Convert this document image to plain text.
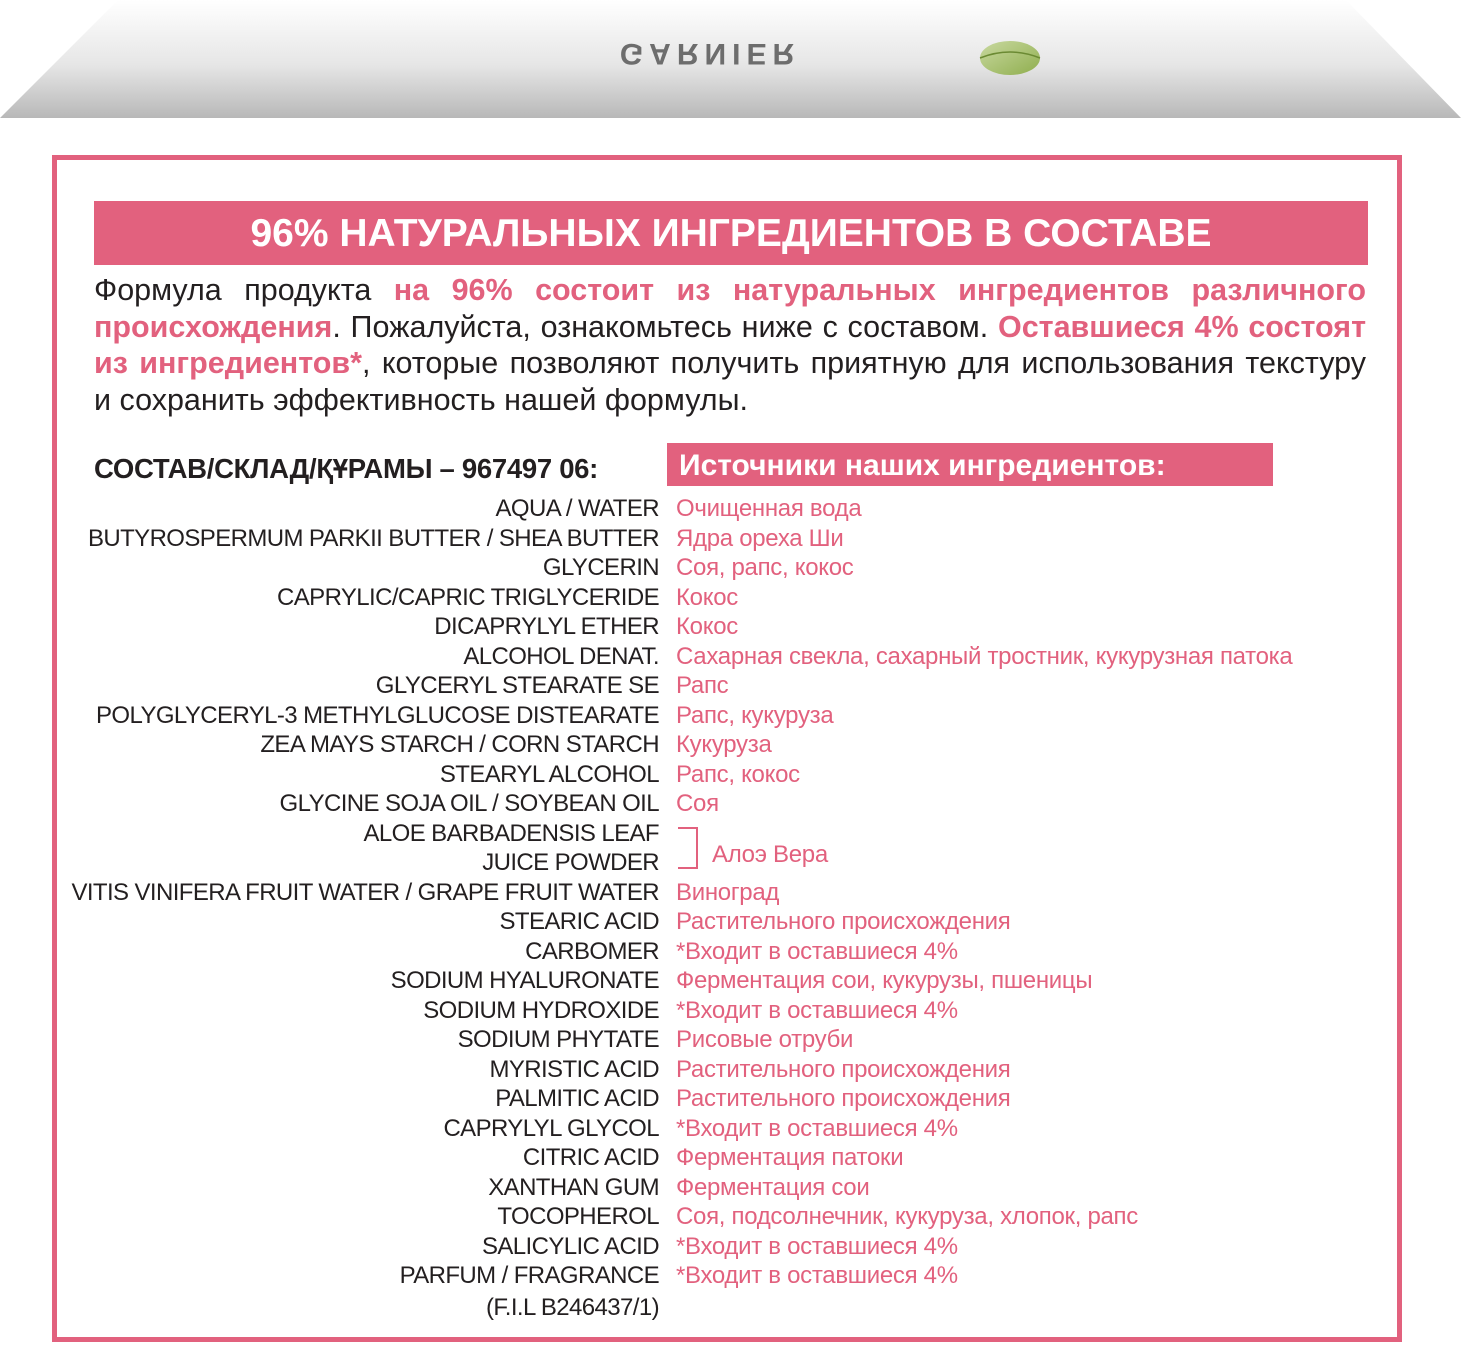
GARNIER
96% НАТУРАЛЬНЫХ ИНГРЕДИЕНТОВ В СОСТАВЕ
Формула продукта на 96% состоит из натуральных ингредиентов различного происхождения. Пожалуйста, ознакомьтесь ниже с составом. Оставшиеся 4% состоят из ингредиентов*, которые позволяют получить приятную для использования текстуру и сохранить эффективность нашей формулы.
СОСТАВ/СКЛАД/ҚҰРАМЫ – 967497 06:	Источники наших ингредиентов:
AQUA / WATER Очищенная вода
BUTYROSPERMUM PARKII BUTTER / SHEA BUTTER Ядра ореха Ши
GLYCERIN Соя, рапс, кокос
CAPRYLIC/CAPRIC TRIGLYCERIDE Кокос
DICAPRYLYL ETHER Кокос
ALCOHOL DENAT. Сахарная свекла, сахарный тростник, кукурузная патока
GLYCERYL STEARATE SE Рапс
POLYGLYCERYL-3 METHYLGLUCOSE DISTEARATE Рапс, кукуруза
ZEA MAYS STARCH / CORN STARCH Кукуруза
STEARYL ALCOHOL Рапс, кокос
GLYCINE SOJA OIL / SOYBEAN OIL Соя
ALOE BARBADENSIS LEAF
JUICE POWDER
VITIS VINIFERA FRUIT WATER / GRAPE FRUIT WATER Виноград
STEARIC ACID Растительного происхождения
CARBOMER *Входит в оставшиеся 4%
SODIUM HYALURONATE Ферментация сои, кукурузы, пшеницы
SODIUM HYDROXIDE *Входит в оставшиеся 4%
SODIUM PHYTATE Рисовые отруби
MYRISTIC ACID Растительного происхождения
PALMITIC ACID Растительного происхождения
CAPRYLYL GLYCOL *Входит в оставшиеся 4%
CITRIC ACID Ферментация патоки
XANTHAN GUM Ферментация сои
TOCOPHEROL Соя, подсолнечник, кукуруза, хлопок, рапс
SALICYLIC ACID *Входит в оставшиеся 4%
PARFUM / FRAGRANCE *Входит в оставшиеся 4%
Алоэ Вера
(F.I.L B246437/1)
